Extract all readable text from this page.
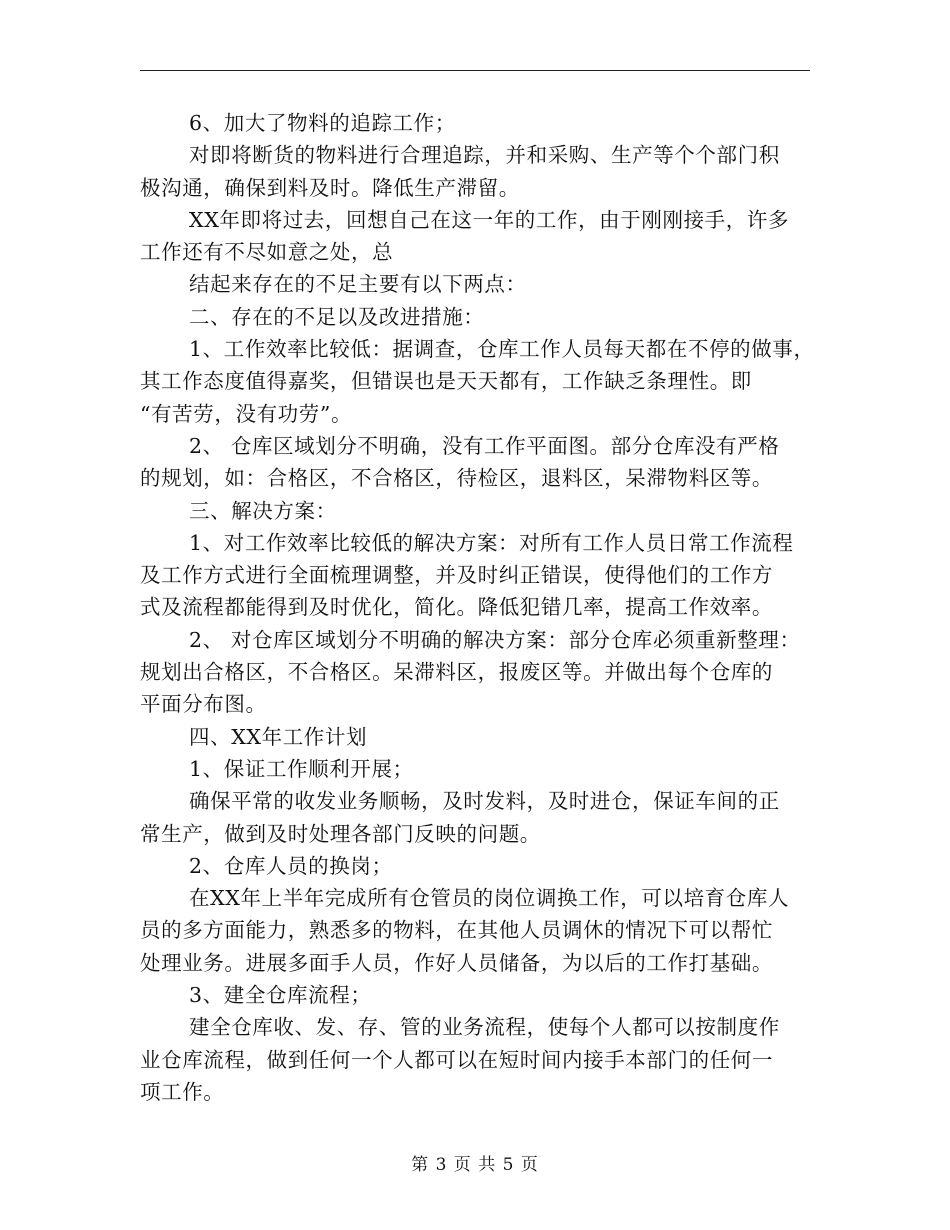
6、加大了物料的追踪工作；
对即将断货的物料进行合理追踪，并和采购、生产等个个部门积
极沟通，确保到料及时。降低生产滞留。
XX年即将过去，回想自己在这一年的工作，由于刚刚接手，许多
工作还有不尽如意之处，总
结起来存在的不足主要有以下两点：
二、存在的不足以及改进措施：
1、工作效率比较低：据调查，仓库工作人员每天都在不停的做事，
其工作态度值得嘉奖，但错误也是天天都有，工作缺乏条理性。即
“有苦劳，没有功劳”。
2、 仓库区域划分不明确，没有工作平面图。部分仓库没有严格
的规划，如：合格区，不合格区，待检区，退料区，呆滞物料区等。
三、解决方案：
1、对工作效率比较低的解决方案：对所有工作人员日常工作流程
及工作方式进行全面梳理调整，并及时纠正错误，使得他们的工作方
式及流程都能得到及时优化，简化。降低犯错几率，提高工作效率。
2、 对仓库区域划分不明确的解决方案：部分仓库必须重新整理：
规划出合格区，不合格区。呆滞料区，报废区等。并做出每个仓库的
平面分布图。
四、XX年工作计划
1、保证工作顺利开展；
确保平常的收发业务顺畅，及时发料，及时进仓，保证车间的正
常生产，做到及时处理各部门反映的问题。
2、仓库人员的换岗；
在XX年上半年完成所有仓管员的岗位调换工作，可以培育仓库人
员的多方面能力，熟悉多的物料，在其他人员调休的情况下可以帮忙
处理业务。进展多面手人员，作好人员储备，为以后的工作打基础。
3、建全仓库流程；
建全仓库收、发、存、管的业务流程，使每个人都可以按制度作
业仓库流程，做到任何一个人都可以在短时间内接手本部门的任何一
项工作。
第 3 页 共 5 页
